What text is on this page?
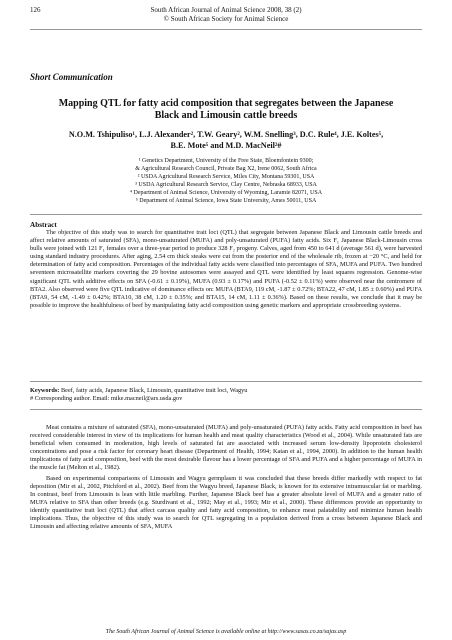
126	South African Journal of Animal Science 2008, 38 (2)
© South African Society for Animal Science
Short Communication
Mapping QTL for fatty acid composition that segregates between the Japanese Black and Limousin cattle breeds
N.O.M. Tshipuliso¹, L.J. Alexander², T.W. Geary², W.M. Snelling³, D.C. Rule⁴, J.E. Koltes⁵,
B.E. Mote⁵ and M.D. MacNeil²#
¹ Genetics Department, University of the Free State, Bloemfontein 9300;
& Agricultural Research Council, Private Bag X2, Irene 0062, South Africa
² USDA Agricultural Research Service, Miles City, Montana 59301, USA
³ USDA Agricultural Research Service, Clay Centre, Nebraska 68933, USA
⁴ Department of Animal Science, University of Wyoming, Laramie 82071, USA
⁵ Department of Animal Science, Iowa State University, Ames 50011, USA
Abstract

The objective of this study was to search for quantitative trait loci (QTL) that segregate between Japanese Black and Limousin cattle breeds and affect relative amounts of saturated (SFA), mono-unsaturated (MUFA) and poly-unsaturated (PUFA) fatty acids. Six F₁ Japanese Black-Limousin cross bulls were joined with 121 F₁ females over a three-year period to produce 328 F₂ progeny. Calves, aged from 450 to 641 d (average 561 d), were harvested using standard industry procedures. After aging, 2.54 cm thick steaks were cut from the posterior end of the wholesale rib, frozen at −20 °C, and held for determination of fatty acid composition. Percentages of the individual fatty acids were classified into percentages of SFA, MUFA and PUFA. Two hundred seventeen microsatellite markers covering the 29 bovine autosomes were assayed and QTL were identified by least squares regression. Genome-wise significant QTL with additive effects on SFA (-0.61 ± 0.19%), MUFA (0.93 ± 0.17%) and PUFA (-0.52 ± 0.11%) were observed near the centromere of BTA2. Also observed were five QTL indicative of dominance effects on: MUFA (BTA9, 119 cM, -1.87 ± 0.72%; BTA22, 47 cM, 1.85 ± 0.60%) and PUFA (BTA9, 54 cM, -1.49 ± 0.42%; BTA10, 38 cM, 1.20 ± 0.35%; and BTA15, 14 cM, 1.11 ± 0.36%). Based on these results, we conclude that it may be possible to improve the healthfulness of beef by manipulating fatty acid composition using genetic markers and appropriate crossbreeding systems.

Keywords: Beef, fatty acids, Japanese Black, Limousin, quantitative trait loci, Wagyu
# Corresponding author. Email: mike.macneil@ars.usda.gov

Meat contains a mixture of saturated (SFA), mono-unsaturated (MUFA) and poly-unsaturated (PUFA) fatty acids. Fatty acid composition in beef has received considerable interest in view of its implications for human health and meat quality characteristics (Wood et al., 2004). While unsaturated fats are beneficial when consumed in moderation, high levels of saturated fat are associated with increased serum low-density lipoprotein cholesterol concentrations and pose a risk factor for coronary heart disease (Department of Health, 1994; Katan et al., 1994, 2000). In addition to the human health implications of fatty acid composition, beef with the most desirable flavour has a lower percentage of SFA and PUFA and a higher percentage of MUFA in the muscle fat (Melton et al., 1982).

Based on experimental comparisons of Limousin and Wagyu germplasm it was concluded that these breeds differ markedly with respect to fat deposition (Mir et al., 2002, Pitchford et al., 2002). Beef from the Wagyu breed, Japanese Black, is known for its extensive intramuscular fat or marbling. In contrast, beef from Limousin is lean with little marbling. Further, Japanese Black beef has a greater absolute level of MUFA and a greater ratio of MUFA relative to SFA than other breeds (e.g. Sturdivant et al., 1992; May et al., 1993; Mir et al., 2000). These differences provide an opportunity to identify quantitative trait loci (QTL) that affect carcass quality and fatty acid composition, to enhance meat palatability and minimize human health implications. Thus, the objective of this study was to search for QTL segregating in a population derived from a cross between Japanese Black and Limousin and affecting relative amounts of SFA, MUFA

The South African Journal of Animal Science is available online at http://www.sasas.co.za/sajas.asp
